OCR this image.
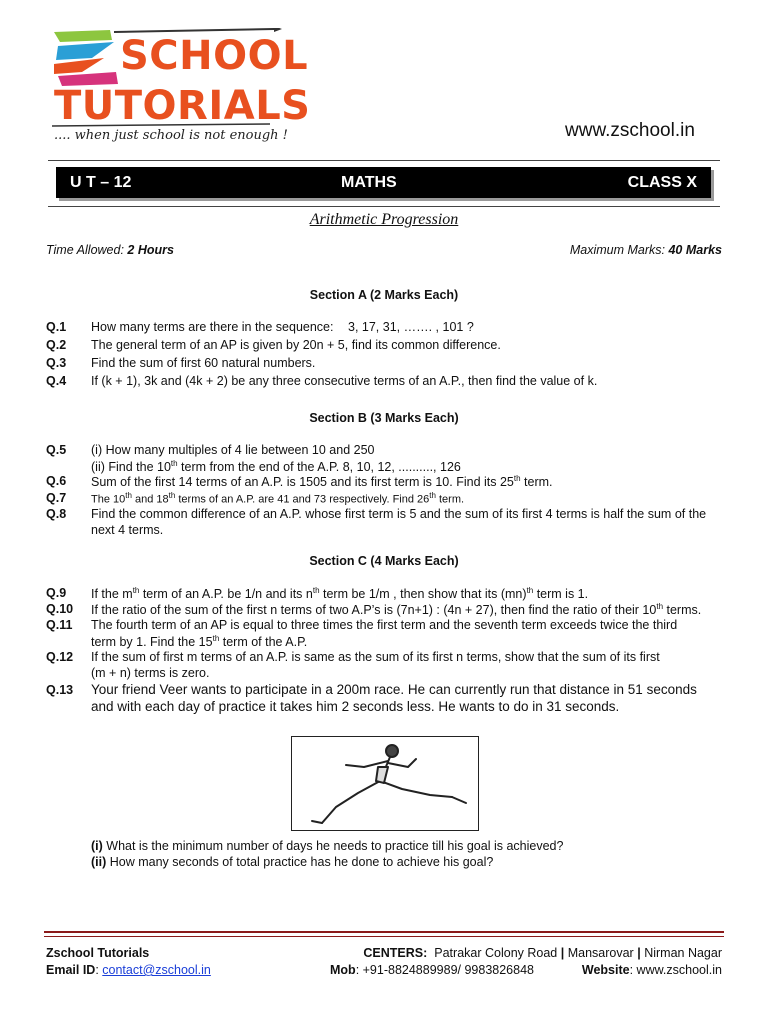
SCHOOL
TUTORIALS
.... when just school is not enough !	www.zschool.in
U T – 12	MATHS	CLASS X
Arithmetic Progression
Time Allowed: 2 Hours	Maximum Marks: 40 Marks
Section A (2 Marks Each)
Q.1 How many terms are there in the sequence: 3, 17, 31, ……. , 101 ?
Q.2 The general term of an AP is given by 20n + 5, find its common difference.
Q.3 Find the sum of first 60 natural numbers.
Q.4 If (k + 1), 3k and (4k + 2) be any three consecutive terms of an A.P., then find the value of k.
Section B (3 Marks Each)
Q.5 (i) How many multiples of 4 lie between 10 and 250
(ii) Find the 10th term from the end of the A.P. 8, 10, 12, .........., 126
Q.6 Sum of the first 14 terms of an A.P. is 1505 and its first term is 10. Find its 25th term.
Q.7 The 10th and 18th terms of an A.P. are 41 and 73 respectively. Find 26th term.
Q.8 Find the common difference of an A.P. whose first term is 5 and the sum of its first 4 terms is half the sum of the
next 4 terms.
Section C (4 Marks Each)
Q.9 If the $m^{th}$ term of an A.P. be 1/n and its $n^{th}$ term be 1/m , then show that its (mn)$^{th}$ term is 1.
Q.10 If the ratio of the sum of the first n terms of two A.P’s is (7n+1) : (4n + 27), then find the ratio of their 10th terms.
Q.11 The fourth term of an AP is equal to three times the first term and the seventh term exceeds twice the third
term by 1. Find the 15th term of the A.P.
Q.12 If the sum of first m terms of an A.P. is same as the sum of its first n terms, show that the sum of its first
(m + n) terms is zero.
Q.13 Your friend Veer wants to participate in a 200m race. He can currently run that distance in 51 seconds
and with each day of practice it takes him 2 seconds less. He wants to do in 31 seconds.
(i) What is the minimum number of days he needs to practice till his goal is achieved?
(ii) How many seconds of total practice has he done to achieve his goal?
Zschool Tutorials	CENTERS: Patrakar Colony Road | Mansarovar | Nirman Nagar
Email ID: contact@zschool.in	Mob: +91-8824889989/ 9983826848	Website: www.zschool.in
